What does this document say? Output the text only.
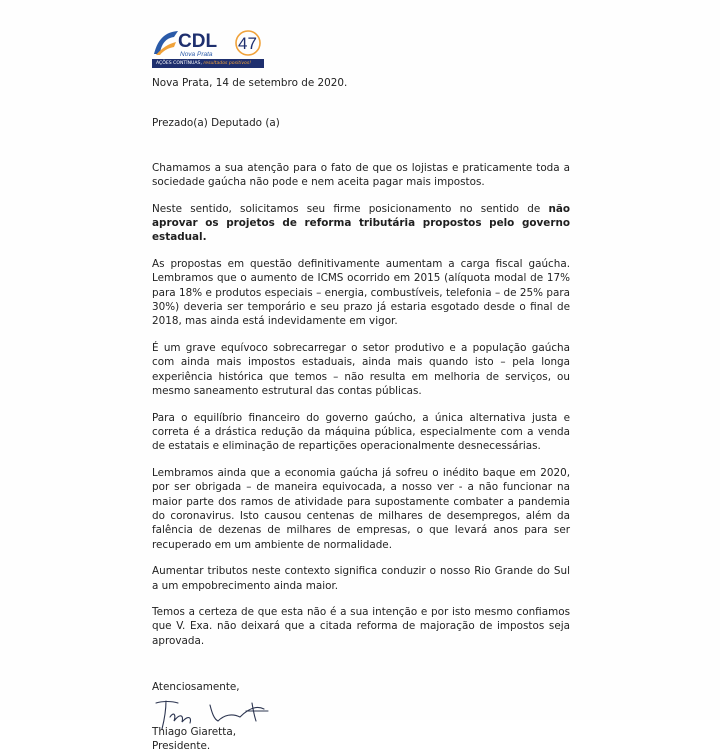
CDL
Nova Prata
47
AÇÕES CONTÍNUAS, resultados positivos!
Nova Prata, 14 de setembro de 2020.
Prezado(a) Deputado (a)

Chamamos a sua atenção para o fato de que os lojistas e praticamente toda a sociedade gaúcha não pode e nem aceita pagar mais impostos.

Neste sentido, solicitamos seu firme posicionamento no sentido de não aprovar os projetos de reforma tributária propostos pelo governo estadual.

As propostas em questão definitivamente aumentam a carga fiscal gaúcha. Lembramos que o aumento de ICMS ocorrido em 2015 (alíquota modal de 17% para 18% e produtos especiais – energia, combustíveis, telefonia – de 25% para 30%) deveria ser temporário e seu prazo já estaria esgotado desde o final de 2018, mas ainda está indevidamente em vigor.

É um grave equívoco sobrecarregar o setor produtivo e a população gaúcha com ainda mais impostos estaduais, ainda mais quando isto – pela longa experiência histórica que temos – não resulta em melhoria de serviços, ou mesmo saneamento estrutural das contas públicas.

Para o equilíbrio financeiro do governo gaúcho, a única alternativa justa e correta é a drástica redução da máquina pública, especialmente com a venda de estatais e eliminação de repartições operacionalmente desnecessárias.

Lembramos ainda que a economia gaúcha já sofreu o inédito baque em 2020, por ser obrigada – de maneira equivocada, a nosso ver - a não funcionar na maior parte dos ramos de atividade para supostamente combater a pandemia do coronavirus. Isto causou centenas de milhares de desempregos, além da falência de dezenas de milhares de empresas, o que levará anos para ser recuperado em um ambiente de normalidade.

Aumentar tributos neste contexto significa conduzir o nosso Rio Grande do Sul a um empobrecimento ainda maior.

Temos a certeza de que esta não é a sua intenção e por isto mesmo confiamos que V. Exa. não deixará que a citada reforma de majoração de impostos seja aprovada.

Atenciosamente,
Thiago Giaretta,
Presidente.
